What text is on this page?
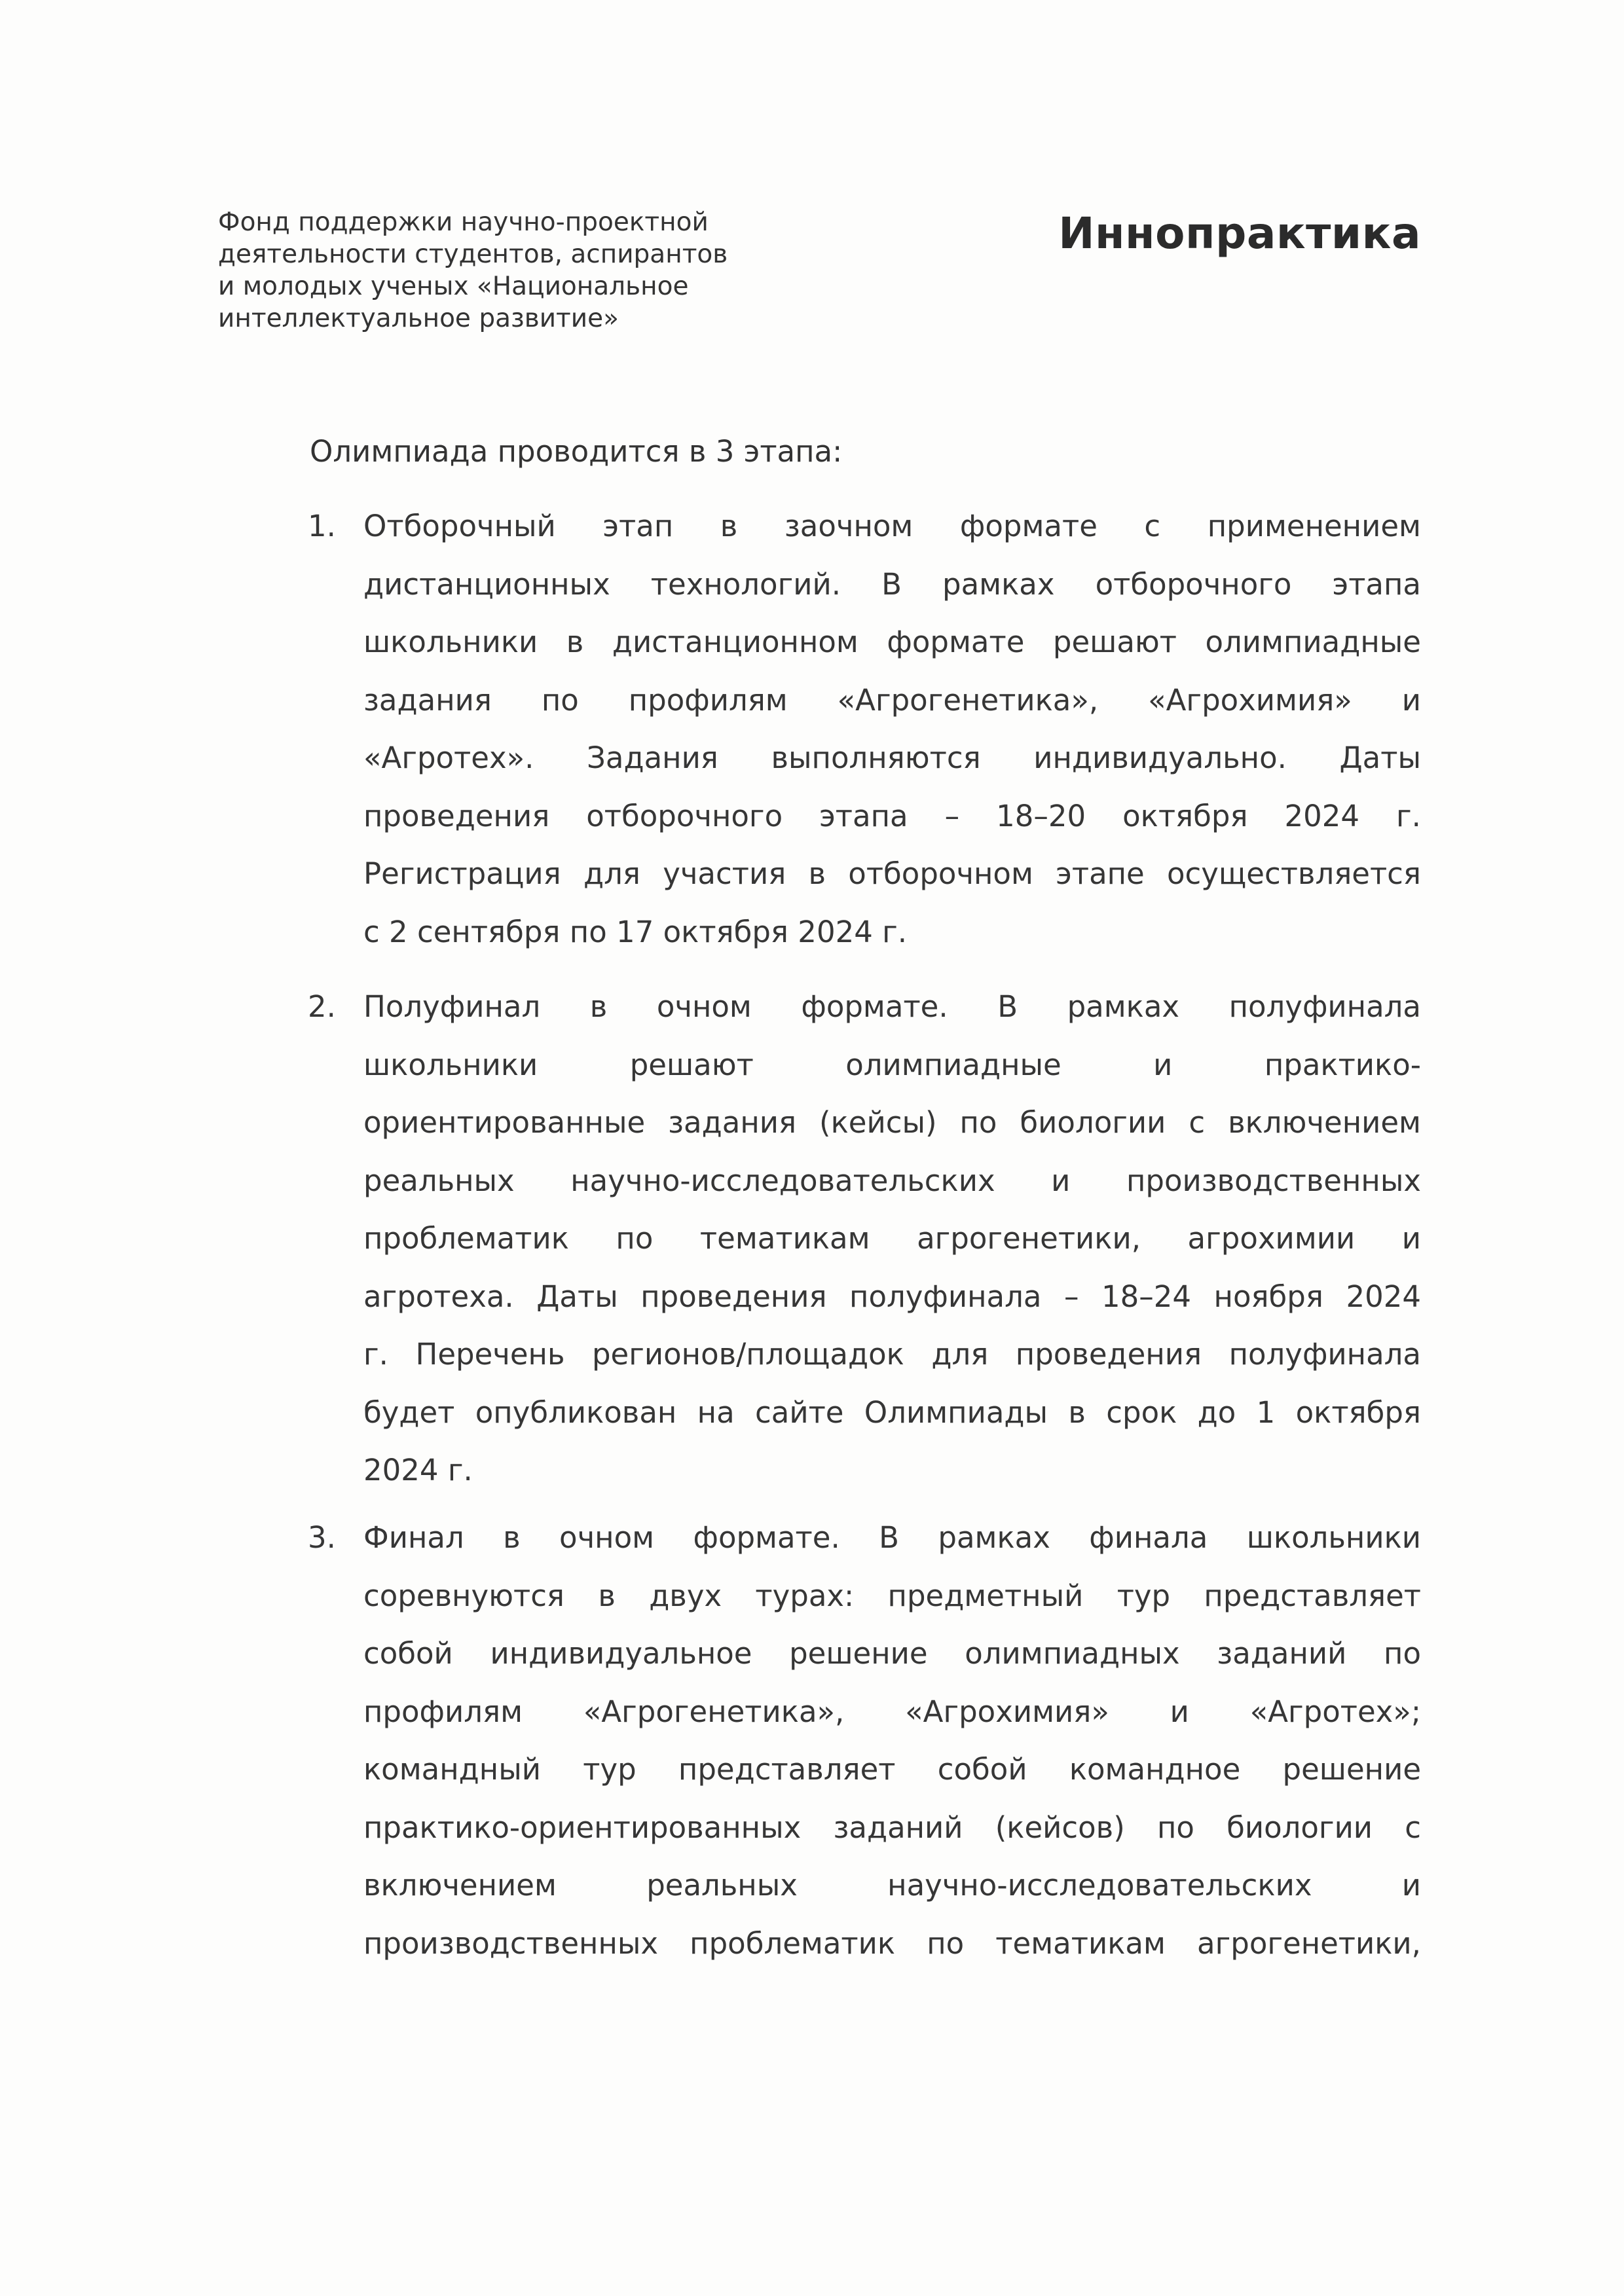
Фонд поддержки научно-проектной
деятельности студентов, аспирантов
и молодых ученых «Национальное
интеллектуальное развитие»
Иннопрактика
Олимпиада проводится в 3 этапа:
1. Отборочный этап в заочном формате с применением
дистанционных технологий. В рамках отборочного этапа
школьники в дистанционном формате решают олимпиадные
задания по профилям «Агрогенетика», «Агрохимия» и
«Агротех». Задания выполняются индивидуально. Даты
проведения отборочного этапа – 18–20 октября 2024 г.
Регистрация для участия в отборочном этапе осуществляется
с 2 сентября по 17 октября 2024 г.
2. Полуфинал в очном формате. В рамках полуфинала
школьники решают олимпиадные и практико-
ориентированные задания (кейсы) по биологии с включением
реальных научно-исследовательских и производственных
проблематик по тематикам агрогенетики, агрохимии и
агротеха. Даты проведения полуфинала – 18–24 ноября 2024
г. Перечень регионов/площадок для проведения полуфинала
будет опубликован на сайте Олимпиады в срок до 1 октября
2024 г.
3. Финал в очном формате. В рамках финала школьники
соревнуются в двух турах: предметный тур представляет
собой индивидуальное решение олимпиадных заданий по
профилям «Агрогенетика», «Агрохимия» и «Агротех»;
командный тур представляет собой командное решение
практико-ориентированных заданий (кейсов) по биологии с
включением реальных научно-исследовательских и
производственных проблематик по тематикам агрогенетики,
